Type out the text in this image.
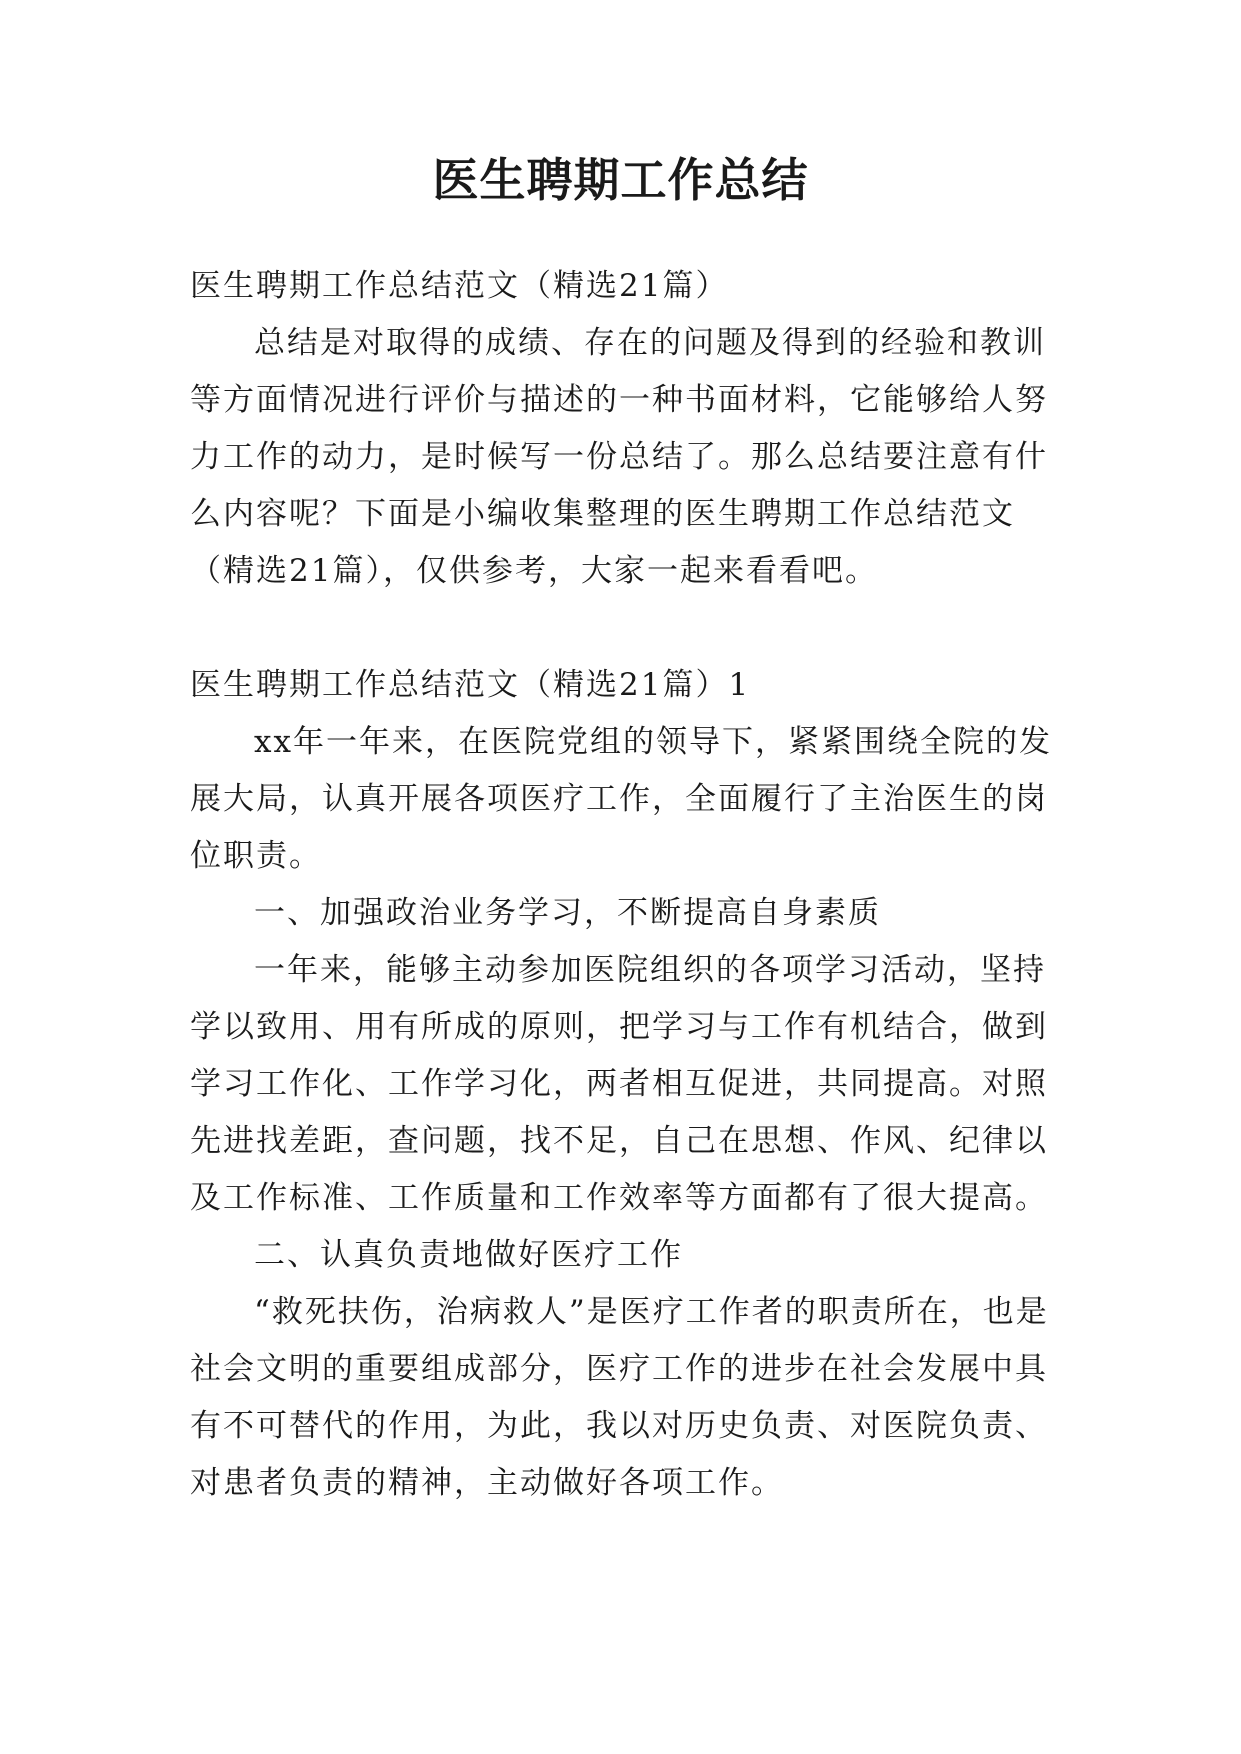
医生聘期工作总结

医生聘期工作总结范文（精选21篇）

总结是对取得的成绩、存在的问题及得到的经验和教训等方面情况进行评价与描述的一种书面材料，它能够给人努力工作的动力，是时候写一份总结了。那么总结要注意有什么内容呢？下面是小编收集整理的医生聘期工作总结范文（精选21篇），仅供参考，大家一起来看看吧。

医生聘期工作总结范文（精选21篇）1

xx年一年来，在医院党组的领导下，紧紧围绕全院的发展大局，认真开展各项医疗工作，全面履行了主治医生的岗位职责。

一、加强政治业务学习，不断提高自身素质

一年来，能够主动参加医院组织的各项学习活动，坚持学以致用、用有所成的原则，把学习与工作有机结合，做到学习工作化、工作学习化，两者相互促进，共同提高。对照先进找差距，查问题，找不足，自己在思想、作风、纪律以及工作标准、工作质量和工作效率等方面都有了很大提高。

二、认真负责地做好医疗工作

“救死扶伤，治病救人”是医疗工作者的职责所在，也是社会文明的重要组成部分，医疗工作的进步在社会发展中具有不可替代的作用，为此，我以对历史负责、对医院负责、对患者负责的精神，主动做好各项工作。
